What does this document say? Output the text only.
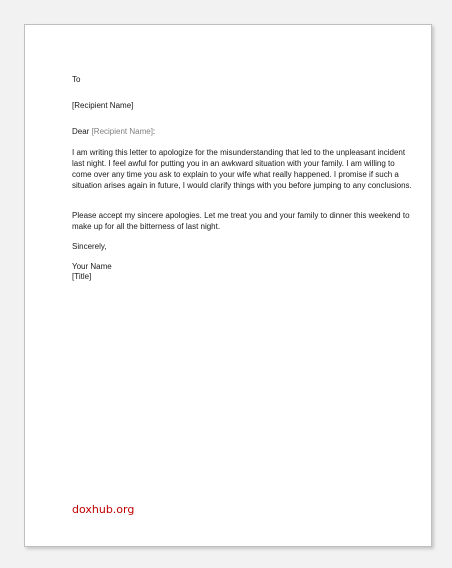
To

[Recipient Name]

Dear [Recipient Name]:

I am writing this letter to apologize for the misunderstanding that led to the unpleasant incident last night. I feel awful for putting you in an awkward situation with your family. I am willing to come over any time you ask to explain to your wife what really happened. I promise if such a situation arises again in future, I would clarify things with you before jumping to any conclusions.

Please accept my sincere apologies. Let me treat you and your family to dinner this weekend to make up for all the bitterness of last night.

Sincerely,

Your Name

[Title]

doxhub.org
